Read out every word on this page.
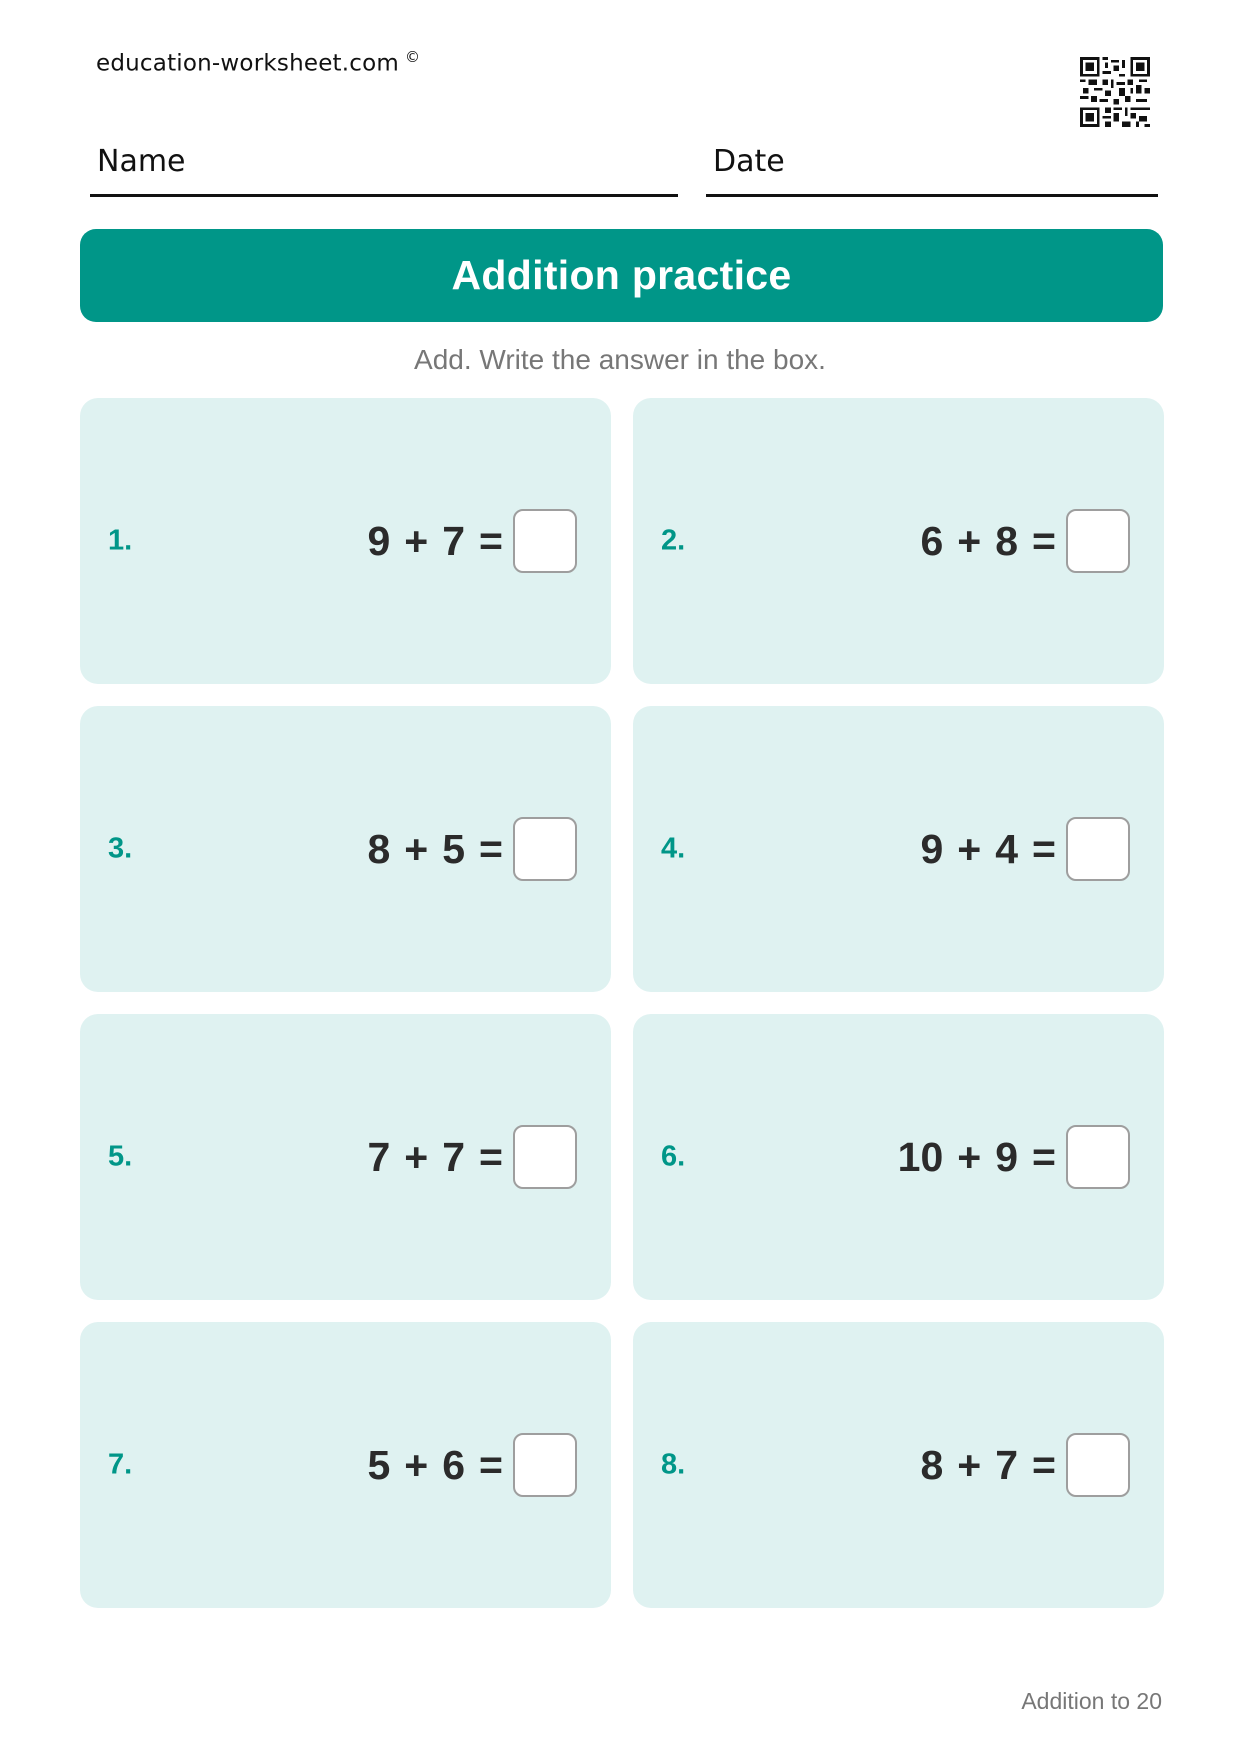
education-worksheet.com ©
Name	Date
Addition practice
Add. Write the answer in the box.
1.	9 + 7 =	2.	6 + 8 =
3.	8 + 5 =	4.	9 + 4 =
5.	7 + 7 =	6.	10 + 9 =
7.	5 + 6 =	8.	8 + 7 =
Addition to 20
